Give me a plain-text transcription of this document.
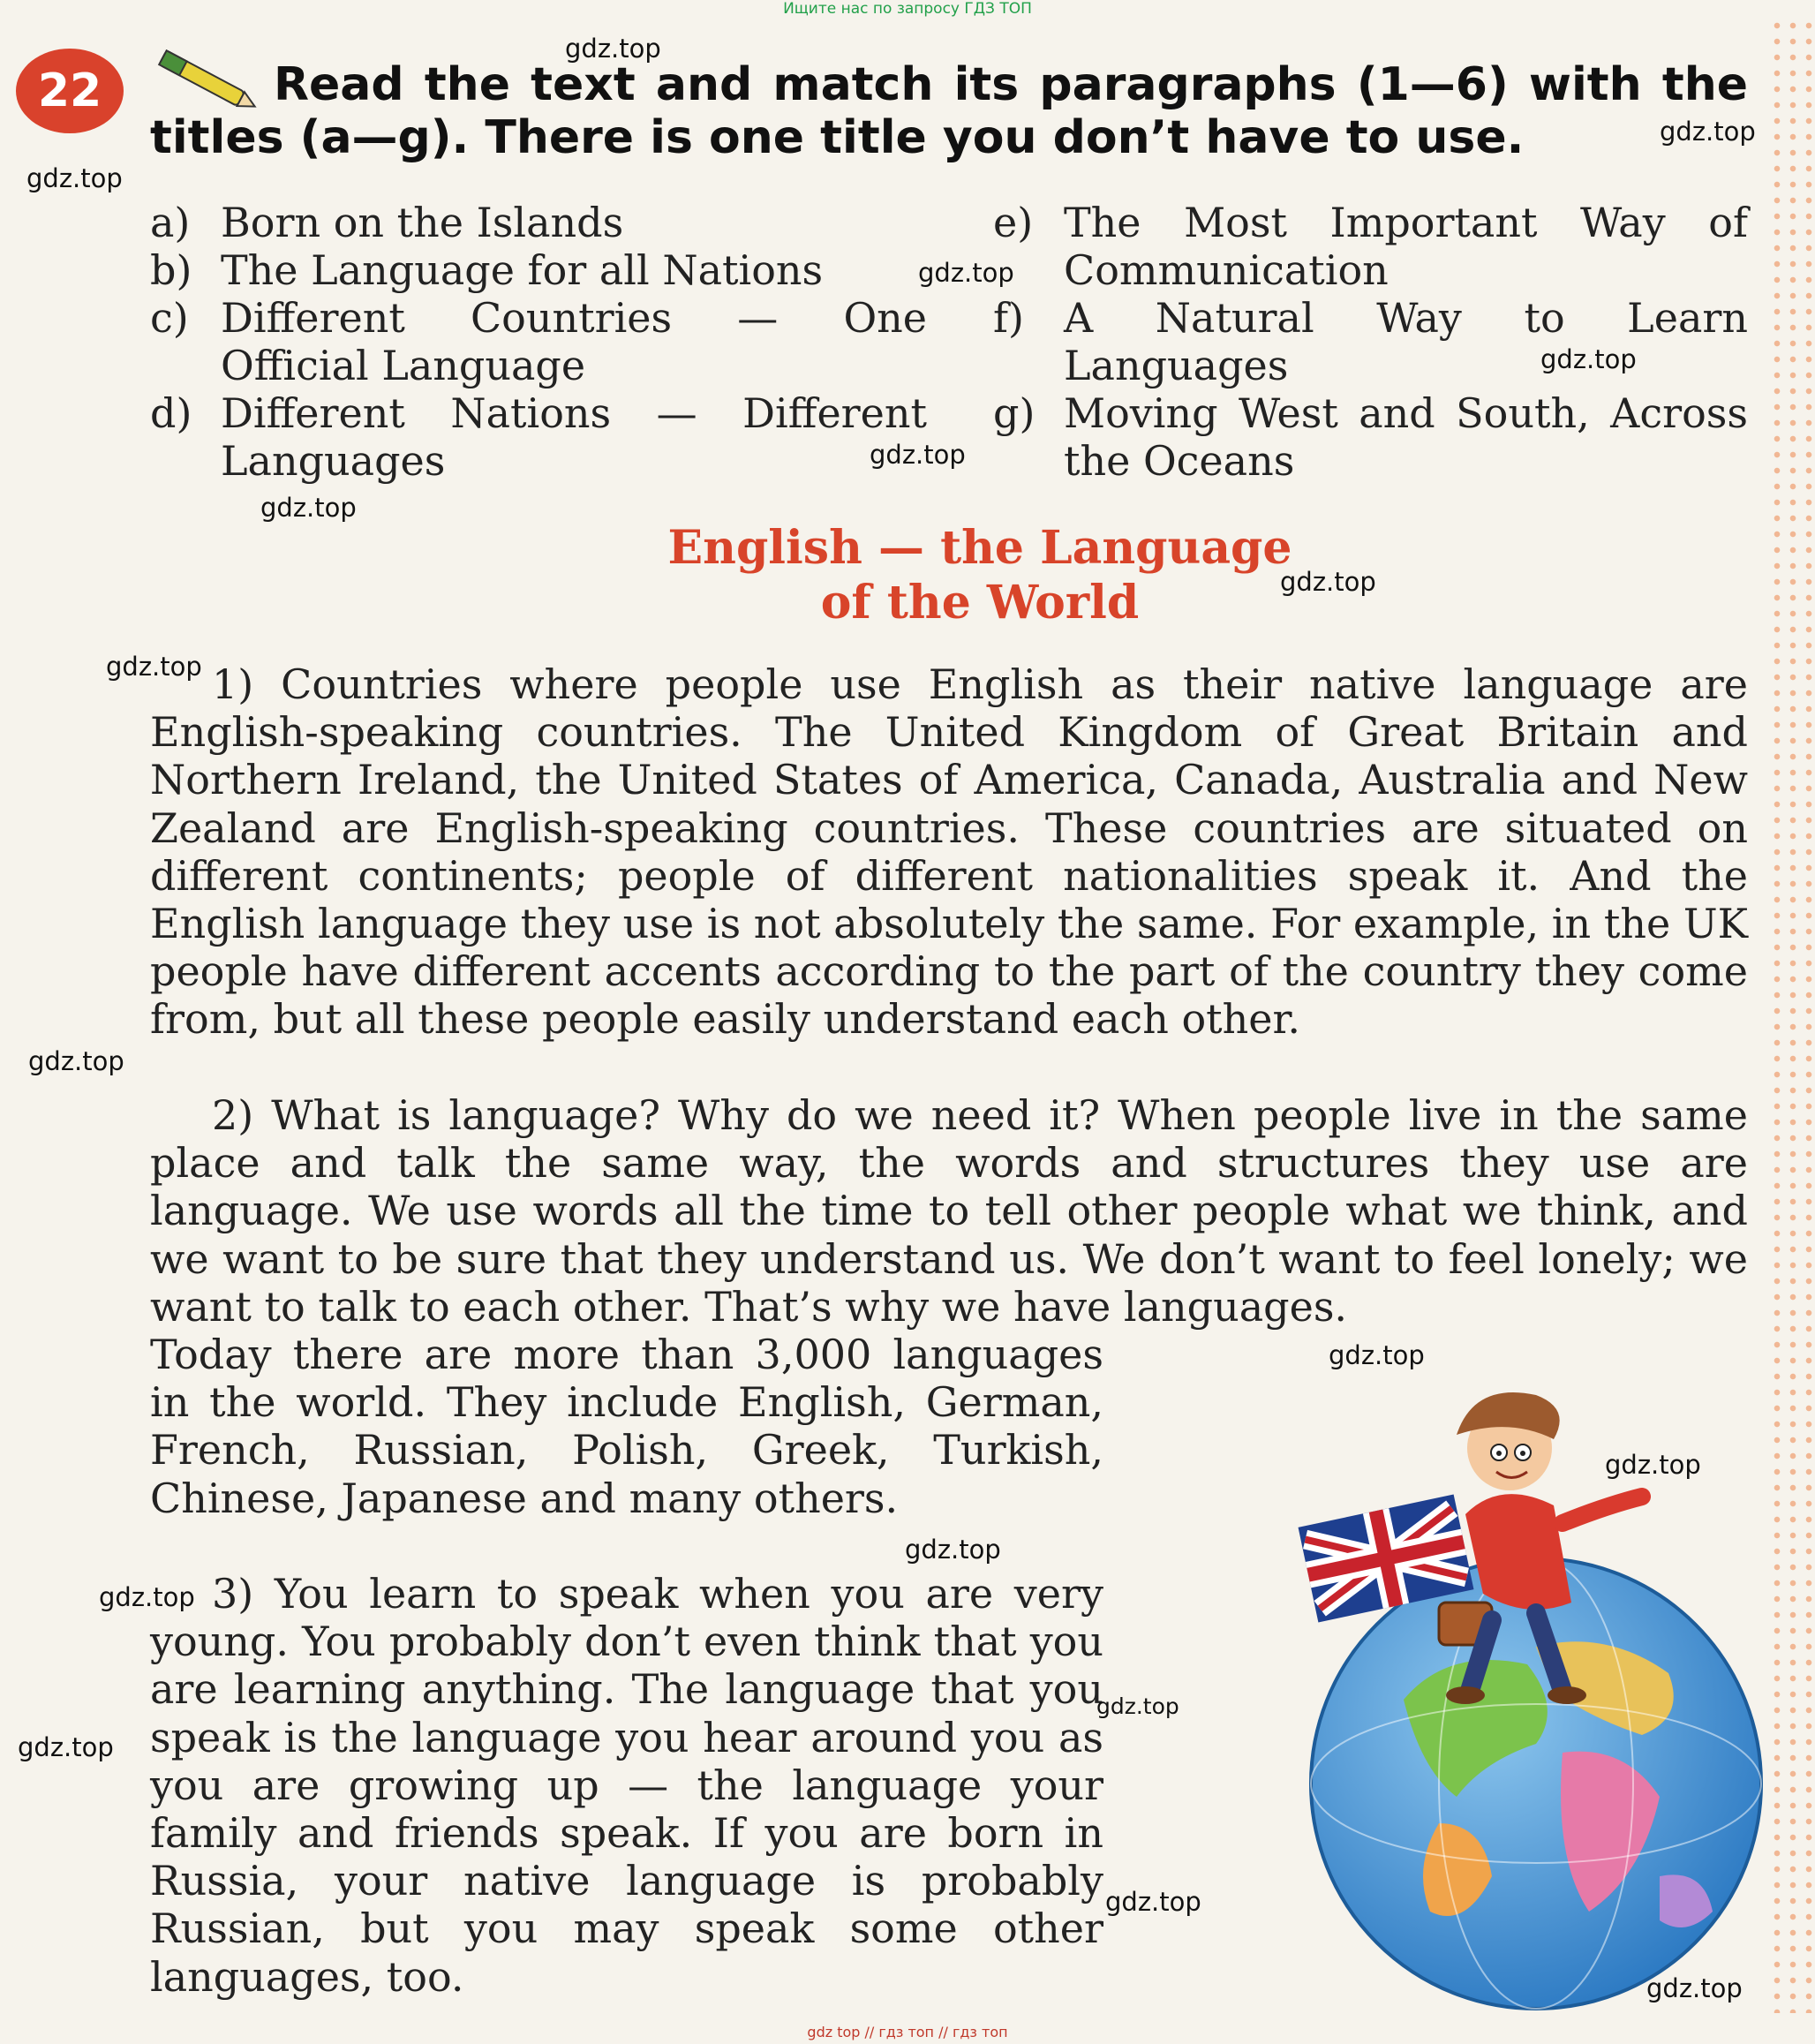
Ищите нас по запросу ГДЗ ТОП
22	Read the text and match its paragraphs (1—6) with the
titles (a—g). There is one title you don’t have to use.
a) Born on the Islands
b) The Language for all Nations
c) Different Countries — One Official Language
d) Different Nations — Different Languages
e) The Most Important Way of Communication
f) A Natural Way to Learn Languages
g) Moving West and South, Across the Oceans
English — the Language
of the World
1) Countries where people use English as their native language are English-speaking countries. The United Kingdom of Great Britain and Northern Ireland, the United States of America, Canada, Australia and New Zealand are English-speaking countries. These countries are situated on different continents; people of different nationalities speak it. And the English language they use is not absolutely the same. For example, in the UK people have different accents according to the part of the country they come from, but all these people easily understand each other.
2) What is language? Why do we need it? When people live in the same place and talk the same way, the words and structures they use are language. We use words all the time to tell other people what we think, and we want to be sure that they understand us. We don’t want to feel lonely; we want to talk to each other. That’s why we have languages.
Today there are more than 3,000 languages in the world. They include English, German, French, Russian, Polish, Greek, Turkish, Chinese, Japanese and many others.
3) You learn to speak when you are very young. You probably don’t even think that you are learning anything. The language that you speak is the language you hear around you as you are growing up — the language your family and friends speak. If you are born in Russia, your native language is probably Russian, but you may speak some other languages, too.
gdz.top
gdz.top
gdz.top
gdz.top
gdz.top
gdz.top
gdz.top
gdz.top
gdz.top
gdz.top
gdz.top
gdz.top
gdz.top
gdz.top
gdz.top
gdz.top
gdz.top
gdz.top
gdz top // гдз топ // гдз топ
